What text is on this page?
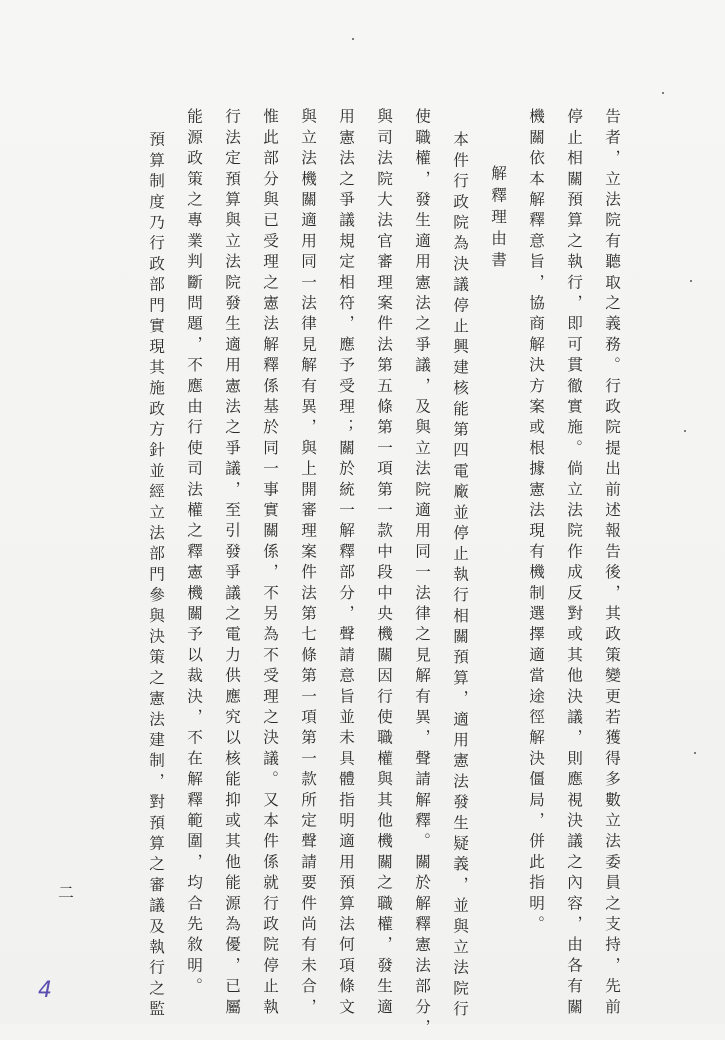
告者，立法院有聽取之義務。行政院提出前述報告後，其政策變更若獲得多數立法委員之支持，先前
停止相關預算之執行，即可貫徹實施。倘立法院作成反對或其他決議，則應視決議之內容，由各有關
機關依本解釋意旨，協商解決方案或根據憲法現有機制選擇適當途徑解決僵局，併此指明。
解釋理由書
本件行政院為決議停止興建核能第四電廠並停止執行相關預算，適用憲法發生疑義，並與立法院行
使職權，發生適用憲法之爭議，及與立法院適用同一法律之見解有異，聲請解釋。關於解釋憲法部分，
與司法院大法官審理案件法第五條第一項第一款中段中央機關因行使職權與其他機關之職權，發生適
用憲法之爭議規定相符，應予受理；關於統一解釋部分，聲請意旨並未具體指明適用預算法何項條文
與立法機關適用同一法律見解有異，與上開審理案件法第七條第一項第一款所定聲請要件尚有未合，
惟此部分與已受理之憲法解釋係基於同一事實關係，不另為不受理之決議。又本件係就行政院停止執
行法定預算與立法院發生適用憲法之爭議，至引發爭議之電力供應究以核能抑或其他能源為優，已屬
能源政策之專業判斷問題，不應由行使司法權之釋憲機關予以裁決，不在解釋範圍，均合先敘明。
預算制度乃行政部門實現其施政方針並經立法部門參與決策之憲法建制，對預算之審議及執行之監
二
4
